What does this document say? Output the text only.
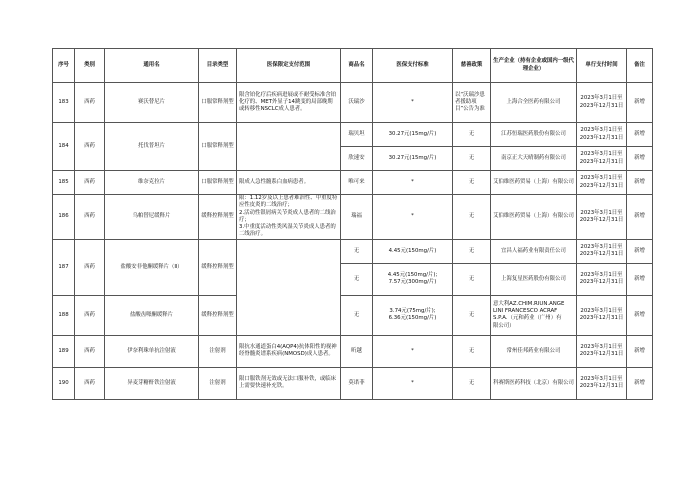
序号	类别	通用名	目录类型	医保限定支付范围	商品名	医保支付标准	慈善政策	生产企业（持有企业或国内一级代理企业）	单行支付时间	备注
183	西药	赛沃替尼片	口服常释剂型	限含铂化疗后疾病进展或不耐受标准含铂化疗的、MET外显子14跳变的局部晚期或转移性NSCLC成人患者。	沃瑞沙	*	以“沃瑞沙患者援助项目”公告为准	上海合全医药有限公司	2023年3月1日至
2023年12月31日	新增
184	西药	托伐普坦片	口服常释剂型		瑞贝坦	30.27元(15mg/片)	无	江苏恒瑞医药股份有限公司	2023年3月1日至
2023年12月31日	新增
					欣速安	30.27元(15mg/片)	无	南京正大天晴制药有限公司	2023年3月1日至
2023年12月31日	新增
185	西药	维奈克拉片	口服常释剂型	限成人急性髓系白血病患者。	唯可来	*	无	艾伯维医药贸易（上海）有限公司	2023年3月1日至
2023年12月31日	新增
186	西药	乌帕替尼缓释片	缓释控释剂型	限：1.12岁及以上患者难治性、中重度特应性皮炎的二线治疗；
2.活动性银屑病关节炎成人患者的二线治疗；
3.中重度活动性类风湿关节炎成人患者的二线治疗。	瑞福	*	无	艾伯维医药贸易（上海）有限公司	2023年3月1日至
2023年12月31日	新增
187	西药	盐酸安非他酮缓释片（Ⅱ）	缓释控释剂型		无	4.45元(150mg/片)	无	宜昌人福药业有限责任公司	2023年3月1日至
2023年12月31日	新增
					无	4.45元(150mg/片);
7.57元(300mg/片)	无	上海复星医药股份有限公司	2023年3月1日至
2023年12月31日	新增
188	西药	盐酸齿哌酮缓释片	缓释控释剂型		无	3.74元(75mg/片);
6.36元(150mg/片)	无	意大利AZ.CHIM.RIUN.ANGE
LINI FRANCESCO ACRAF
S.P.A.（元和药业（广州）有
限公司）	2023年3月1日至
2023年12月31日	新增
189	西药	伊奈利珠单抗注射液	注射剂	限抗水通道蛋白4(AQP4)抗体阳性的视神经脊髓炎谱系疾病(NMOSD)成人患者。	昕越	*	无	常州佳邦药业有限公司	2023年3月1日至
2023年12月31日	新增
190	西药	异麦芽糖酐铁注射液	注射剂	限口服铁剂无效或无法口服补铁，或临床上需要快速补充铁。	莫诺菲	*	无	科赛斯医药科技（北京）有限公司	2023年3月1日至
2023年12月31日	新增
